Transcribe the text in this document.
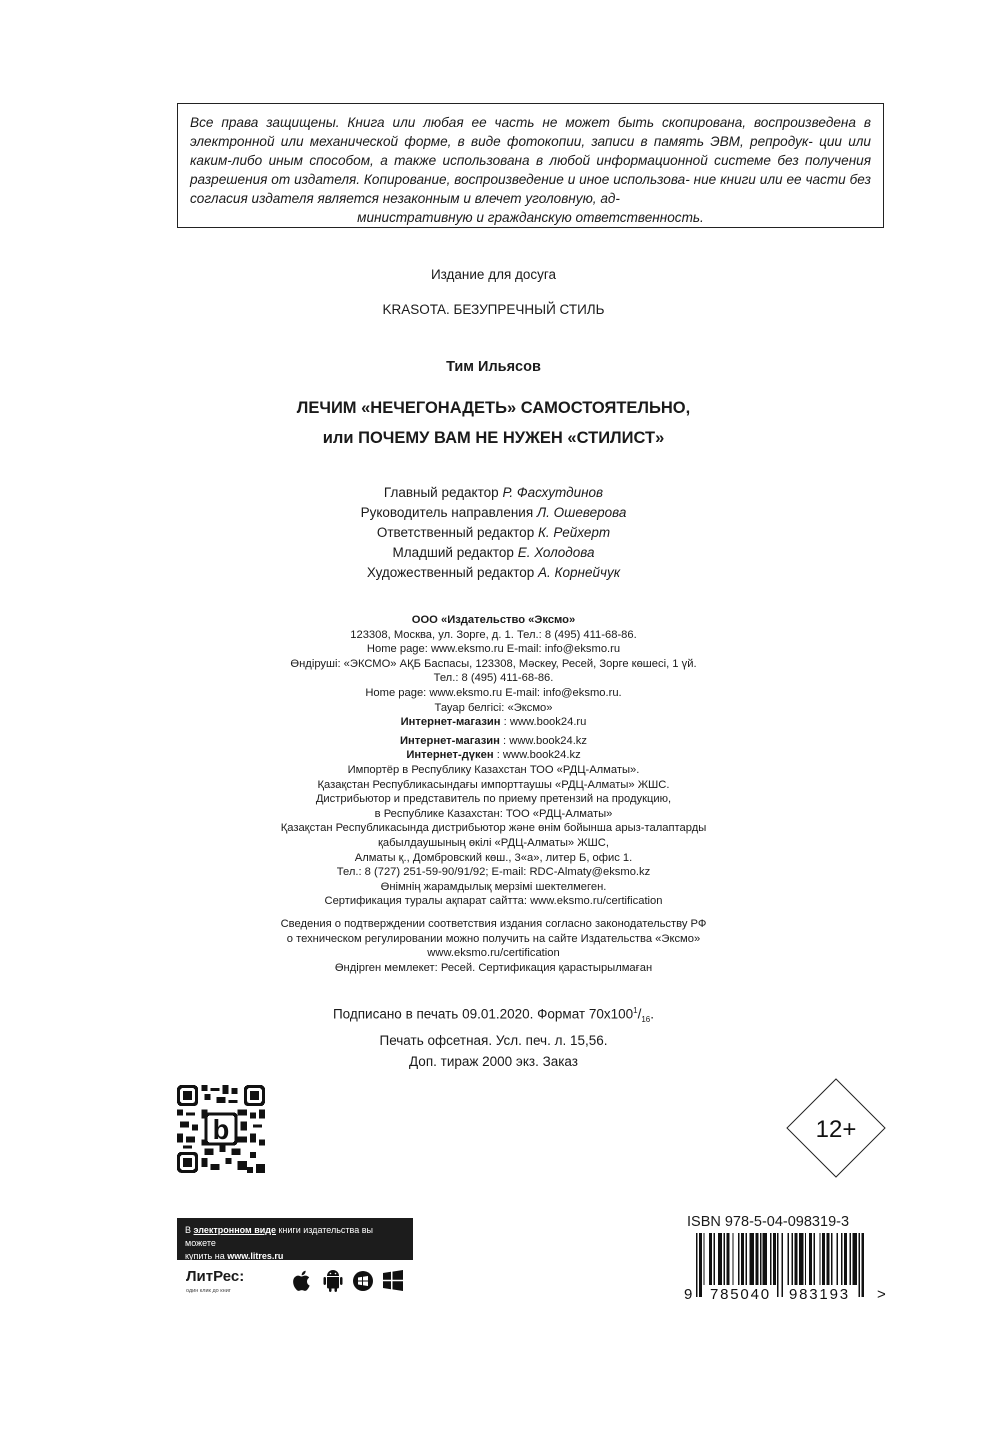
Все права защищены. Книга или любая ее часть не может быть скопирована, воспроизведена в электронной или механической форме, в виде фотокопии, записи в память ЭВМ, репродук- ции или каким-либо иным способом, а также использована в любой информационной системе без получения разрешения от издателя. Копирование, воспроизведение и иное использова- ние книги или ее части без согласия издателя является незаконным и влечет уголовную, ад-
министративную и гражданскую ответственность.
Издание для досуга
KRASOTA. БЕЗУПРЕЧНЫЙ СТИЛЬ
Тим Ильясов
ЛЕЧИМ «НЕЧЕГОНАДЕТЬ» САМОСТОЯТЕЛЬНО,
или ПОЧЕМУ ВАМ НЕ НУЖЕН «СТИЛИСТ»
Главный редактор Р. Фасхутдинов
Руководитель направления Л. Ошеверова
Ответственный редактор К. Рейхерт
Младший редактор Е. Холодова
Художественный редактор А. Корнейчук
ООО «Издательство «Эксмо»
123308, Москва, ул. Зорге, д. 1. Тел.: 8 (495) 411-68-86.
Home page: www.eksmo.ru E-mail: info@eksmo.ru
Өндіруші: «ЭКСМО» АҚБ Баспасы, 123308, Мәскеу, Ресей, Зорге көшесі, 1 үй.
Тел.: 8 (495) 411-68-86.
Home page: www.eksmo.ru E-mail: info@eksmo.ru.
Тауар белгісі: «Эксмо»
Интернет-магазин : www.book24.ru
Интернет-магазин : www.book24.kz
Интернет-дүкен : www.book24.kz
Импортёр в Республику Казахстан ТОО «РДЦ-Алматы».
Қазақстан Республикасындағы импорттаушы «РДЦ-Алматы» ЖШС.
Дистрибьютор и представитель по приему претензий на продукцию,
в Республике Казахстан: ТОО «РДЦ-Алматы»
Қазақстан Республикасында дистрибьютор және өнім бойынша арыз-талаптарды
қабылдаушының өкілі «РДЦ-Алматы» ЖШС,
Алматы қ., Домбровский көш., 3«а», литер Б, офис 1.
Тел.: 8 (727) 251-59-90/91/92; E-mail: RDC-Almaty@eksmo.kz
Өнімнің жарамдылық мерзімі шектелмеген.
Сертификация туралы ақпарат сайтта: www.eksmo.ru/certification
Сведения о подтверждении соответствия издания согласно законодательству РФ
о техническом регулировании можно получить на сайте Издательства «Эксмо»
www.eksmo.ru/certification
Өндірген мемлекет: Ресей. Сертификация қарастырылмаған
Подписано в печать 09.01.2020. Формат $70х100^1/_{16}$.
Печать офсетная. Усл. печ. л. 15,56.
Доп. тираж 2000 экз. Заказ
b	12+
В электронном виде книги издательства вы можете
купить на www.litres.ru
ЛитРес:
один клик до книг
ISBN 978-5-04-098319-3
9 785040 983193 >
